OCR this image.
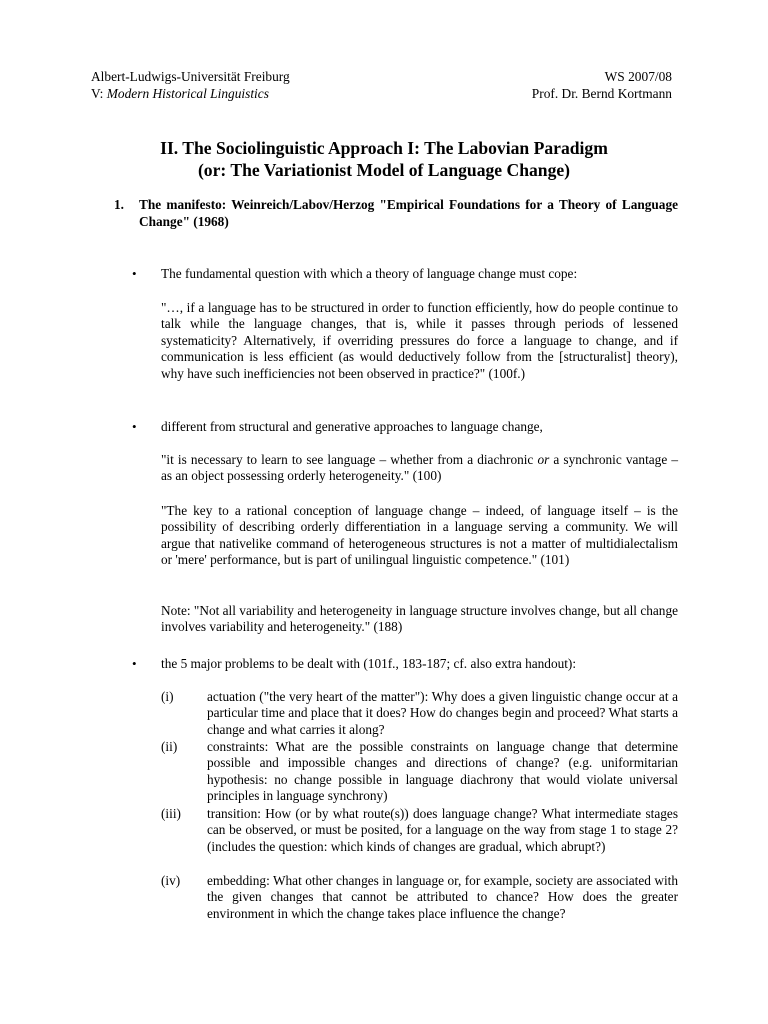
Albert-Ludwigs-Universität Freiburg	WS 2007/08
V: Modern Historical Linguistics	Prof. Dr. Bernd Kortmann
II. The Sociolinguistic Approach I: The Labovian Paradigm
(or: The Variationist Model of Language Change)
1. The manifesto: Weinreich/Labov/Herzog "Empirical Foundations for a Theory of Language Change" (1968)
• The fundamental question with which a theory of language change must cope:
"…, if a language has to be structured in order to function efficiently, how do people continue to talk while the language changes, that is, while it passes through periods of lessened systematicity? Alternatively, if overriding pressures do force a language to change, and if communication is less efficient (as would deductively follow from the [structuralist] theory), why have such inefficiencies not been observed in practice?" (100f.)
• different from structural and generative approaches to language change,
"it is necessary to learn to see language – whether from a diachronic or a synchronic vantage – as an object possessing orderly heterogeneity." (100)
"The key to a rational conception of language change – indeed, of language itself – is the possibility of describing orderly differentiation in a language serving a community. We will argue that nativelike command of heterogeneous structures is not a matter of multidialectalism or 'mere' performance, but is part of unilingual linguistic competence." (101)
Note: "Not all variability and heterogeneity in language structure involves change, but all change involves variability and heterogeneity." (188)
• the 5 major problems to be dealt with (101f., 183-187; cf. also extra handout):
(i)	actuation ("the very heart of the matter"): Why does a given linguistic change occur at a particular time and place that it does? How do changes begin and proceed? What starts a change and what carries it along?
(ii) constraints: What are the possible constraints on language change that determine possible and impossible changes and directions of change? (e.g. uniformitarian hypothesis: no change possible in language diachrony that would violate universal principles in language synchrony)
(iii) transition: How (or by what route(s)) does language change? What intermediate stages can be observed, or must be posited, for a language on the way from stage 1 to stage 2? (includes the question: which kinds of changes are gradual, which abrupt?)
(iv) embedding: What other changes in language or, for example, society are associated with the given changes that cannot be attributed to chance? How does the greater environment in which the change takes place influence the change?
